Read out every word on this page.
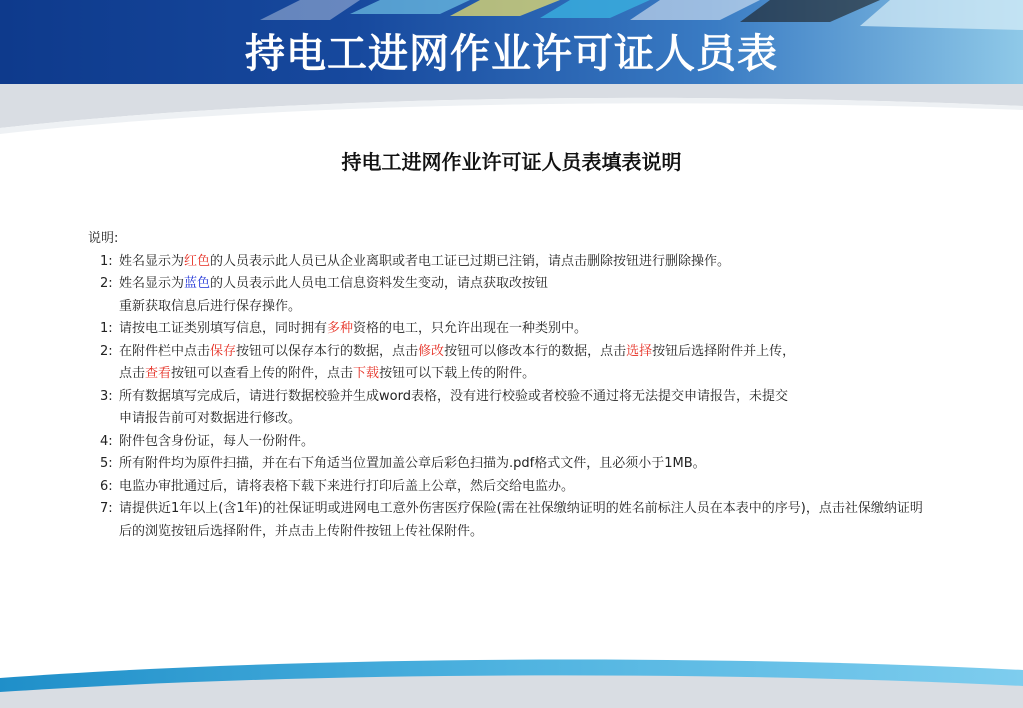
持电工进网作业许可证人员表
持电工进网作业许可证人员表填表说明
说明:
1: 姓名显示为红色的人员表示此人员已从企业离职或者电工证已过期已注销，请点击删除按钮进行删除操作。
2: 姓名显示为蓝色的人员表示此人员电工信息资料发生变动，请点获取改按钮
重新获取信息后进行保存操作。
1: 请按电工证类别填写信息，同时拥有多种资格的电工，只允许出现在一种类别中。
2: 在附件栏中点击保存按钮可以保存本行的数据，点击修改按钮可以修改本行的数据，点击选择按钮后选择附件并上传，
点击查看按钮可以查看上传的附件，点击下载按钮可以下载上传的附件。
3: 所有数据填写完成后，请进行数据校验并生成word表格，没有进行校验或者校验不通过将无法提交申请报告，未提交
申请报告前可对数据进行修改。
4: 附件包含身份证，每人一份附件。
5: 所有附件均为原件扫描，并在右下角适当位置加盖公章后彩色扫描为.pdf格式文件，且必须小于1MB。
6: 电监办审批通过后，请将表格下载下来进行打印后盖上公章，然后交给电监办。
7: 请提供近1年以上(含1年)的社保证明或进网电工意外伤害医疗保险(需在社保缴纳证明的姓名前标注人员在本表中的序号)，点击社保缴纳证明
后的浏览按钮后选择附件，并点击上传附件按钮上传社保附件。
